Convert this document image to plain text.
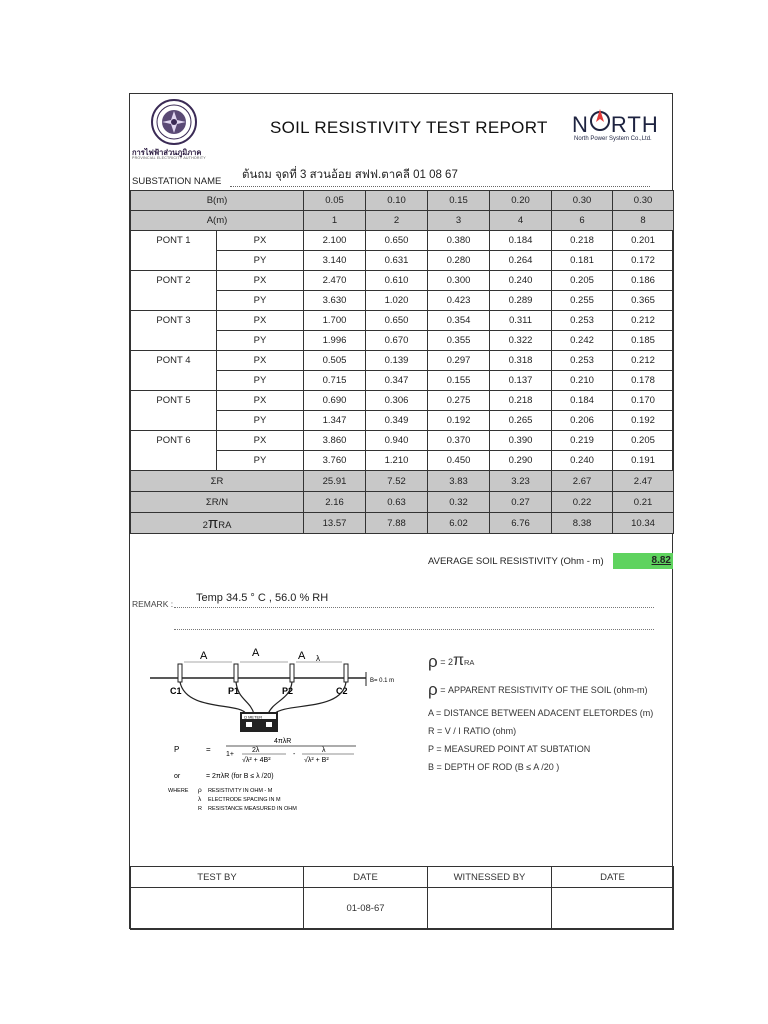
การไฟฟ้าส่วนภูมิภาค
PROVINCIAL ELECTRICITY AUTHORITY
SOIL RESISTIVITY TEST REPORT N RTH
North Power System Co.,Ltd.
SUBSTATION NAME
ต้นถม จุดที่ 3 สวนอ้อย สฟฟ.ตาคลี 01 08 67
B(m)		0.05	0.10	0.15	0.20	0.30	0.30
A(m)		1	2	3	4	6	8
PONT 1	PX	2.100	0.650	0.380	0.184	0.218	0.201
	PY	3.140	0.631	0.280	0.264	0.181	0.172
PONT 2	PX	2.470	0.610	0.300	0.240	0.205	0.186
	PY	3.630	1.020	0.423	0.289	0.255	0.365
PONT 3	PX	1.700	0.650	0.354	0.311	0.253	0.212
	PY	1.996	0.670	0.355	0.322	0.242	0.185
PONT 4	PX	0.505	0.139	0.297	0.318	0.253	0.212
	PY	0.715	0.347	0.155	0.137	0.210	0.178
PONT 5	PX	0.690	0.306	0.275	0.218	0.184	0.170
	PY	1.347	0.349	0.192	0.265	0.206	0.192
PONT 6	PX	3.860	0.940	0.370	0.390	0.219	0.205
	PY	3.760	1.210	0.450	0.290	0.240	0.191
ΣR		25.91	7.52	3.83	3.23	2.67	2.47
ΣR/N		2.16	0.63	0.32	0.27	0.22	0.21
2πRA		13.57	7.88	6.02	6.76	8.38	10.34
AVERAGE SOIL RESISTIVITY (Ohm - m)	8.82
REMARK : Temp 34.5 ° C , 56.0 % RH
A	A	A λ
B= 0.1 m
C1	P1	P2	C2
Ω METER
P	=
4πλR
1+
2λ
√λ² + 4B²
-
λ
√λ² + B²
or	= 2πλR (for B ≤ λ /20)
WHERE ρ RESISTIVITY IN OHM - M
λ ELECTRODE SPACING IN M
R RESISTANCE MEASURED IN OHM
ρ = 2πRA
ρ = APPARENT RESISTIVITY OF THE SOIL (ohm-m)
A = DISTANCE BETWEEN ADACENT ELETORDES (m)
R = V / I RATIO (ohm)
P = MEASURED POINT AT SUBTATION
B = DEPTH OF ROD (B ≤ A /20 )
TEST BY	DATE	WITNESSED BY	DATE
	01-08-67		
